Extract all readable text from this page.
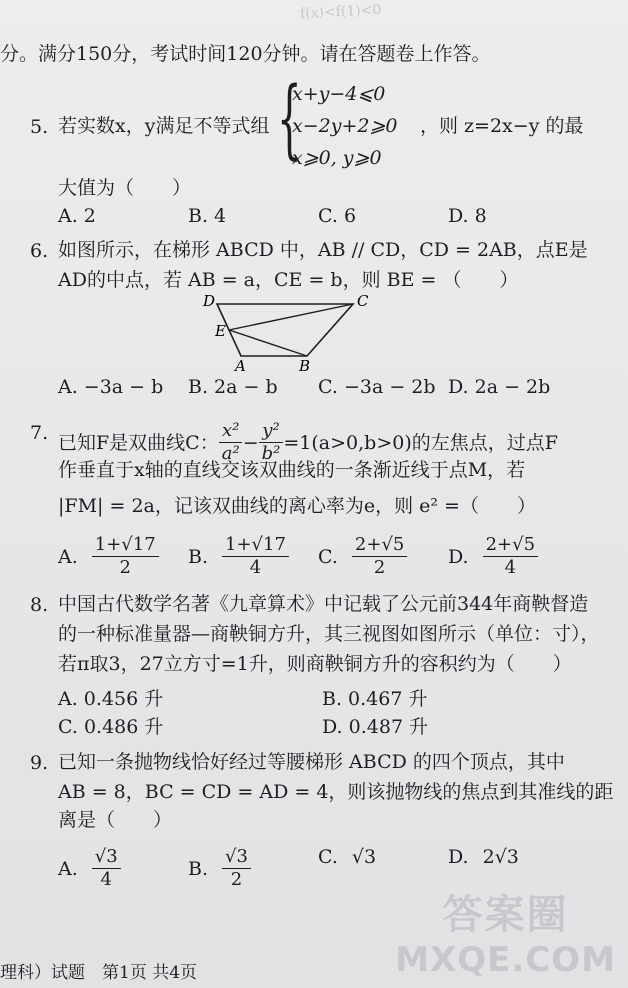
f(x)<f(1)<0
分。满分150分，考试时间120分钟。请在答题卷上作答。
5. 若实数x，y满足不等式组 {
x+y−4⩽0
x−2y+2⩾0
x⩾0, y⩾0
，则 z=2x−y 的最
大值为（　　）
A. 2	B. 4	C. 6	D. 8
6. 如图所示，在梯形 ABCD 中，AB // CD，CD = 2AB，点E是
AD的中点，若 AB = a，CE = b，则 BE = （　　）
D	C
E
A	B
A. −3a − b B. 2a − b C. −3a − 2b D. 2a − 2b
7. 已知F是双曲线C： $\frac{\text{x²}}{\text{a²}} - \frac{\text{y²}}{\text{b²}} =1(a>0,b>0)$的左焦点，过点F
作垂直于x轴的直线交该双曲线的一条渐近线于点M，若
|FM| = 2a，记该双曲线的离心率为e，则 e² =（　　）
A. $\frac{1+√17}{2} B$. $\frac{1+√17}{4} C$. $\frac{2+√5}{2} D$. $\frac{2+√5}{4}$
8. 中国古代数学名著《九章算术》中记载了公元前344年商鞅督造
的一种标准量器—商鞅铜方升，其三视图如图所示（单位：寸），
若π取3，27立方寸=1升，则商鞅铜方升的容积约为（　　）
A. 0.456 升	B. 0.467 升
C. 0.486 升	D. 0.487 升
9. 已知一条抛物线恰好经过等腰梯形 ABCD 的四个顶点，其中
AB = 8，BC = CD = AD = 4，则该抛物线的焦点到其准线的距
离是（　　）
A. $\frac{√3}{4}$	B. $\frac{√3}{2}$	C. √3	D. 2√3
理科）试题　第1页 共4页
答案圈
MXQE.COM
